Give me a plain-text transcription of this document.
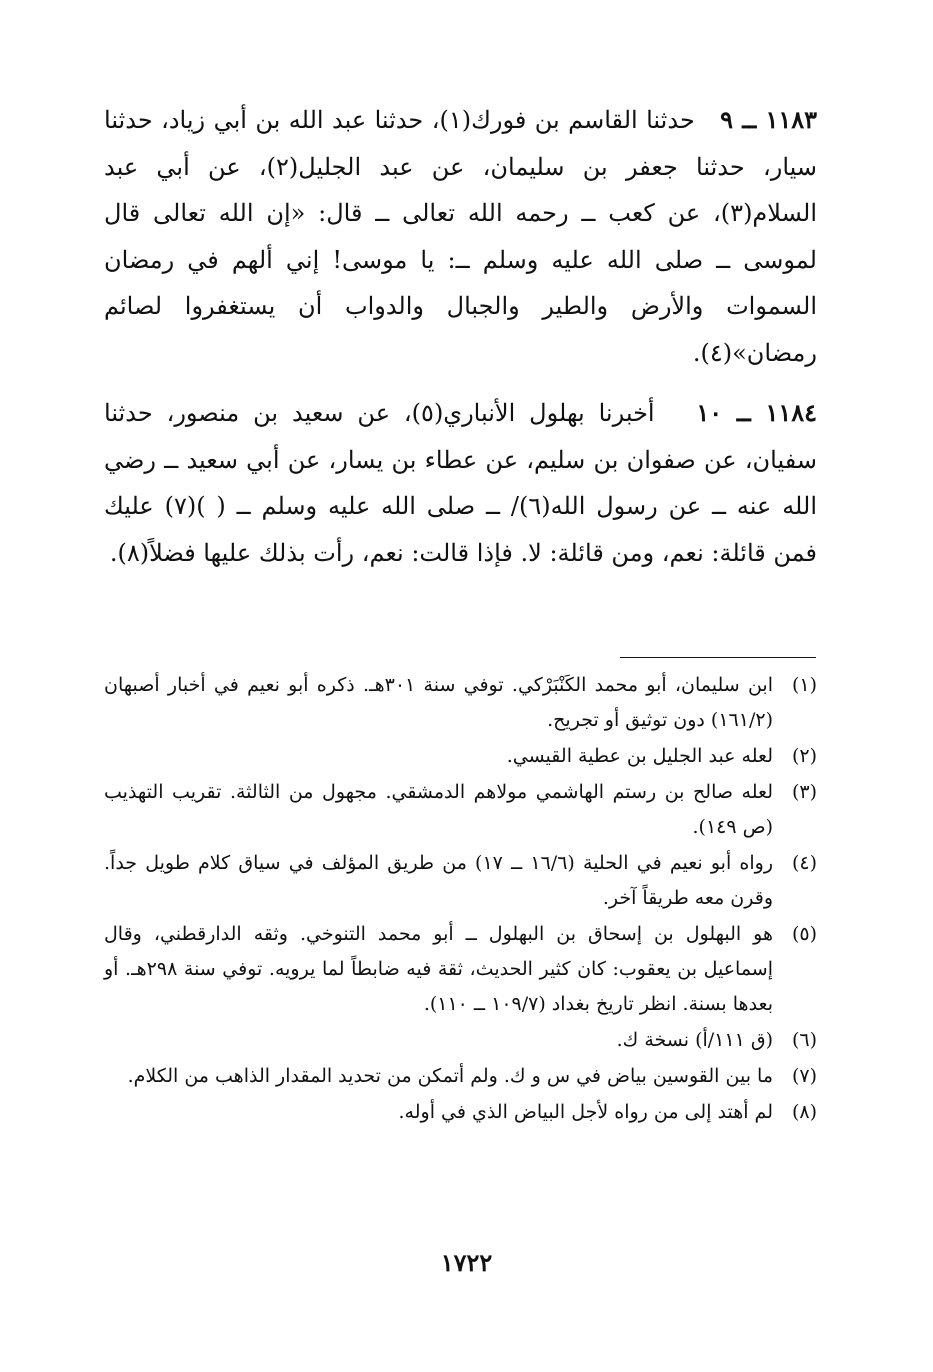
١١٨٣ ــ ٩   حدثنا القاسم بن فورك(١)، حدثنا عبد الله بن أبي زياد، حدثنا سيار، حدثنا جعفر بن سليمان، عن عبد الجليل(٢)، عن أبي عبد السلام(٣)، عن كعب ــ رحمه الله تعالى ــ قال: «إن الله تعالى قال لموسى ــ صلى الله عليه وسلم ــ: يا موسى! إني ألهم في رمضان السموات والأرض والطير والجبال والدواب أن يستغفروا لصائم رمضان»(٤).

١١٨٤ ــ ١٠   أخبرنا بهلول الأنباري(٥)، عن سعيد بن منصور، حدثنا سفيان، عن صفوان بن سليم، عن عطاء بن يسار، عن أبي سعيد ــ رضي الله عنه ــ عن رسول الله(٦)/ ــ صلى الله عليه وسلم ــ ( )(٧) عليك فمن قائلة: نعم، ومن قائلة: لا. فإذا قالت: نعم، رأت بذلك عليها فضلاً(٨).

(١)
ابن سليمان، أبو محمد الكَنْبَرْكي. توفي سنة ٣٠١هـ. ذكره أبو نعيم في أخبار أصبهان (١٦١/٢) دون توثيق أو تجريح.
(٢)
لعله عبد الجليل بن عطية القيسي.
(٣)
لعله صالح بن رستم الهاشمي مولاهم الدمشقي. مجهول من الثالثة. تقريب التهذيب (ص ١٤٩).
(٤)
رواه أبو نعيم في الحلية (١٦/٦ ــ ١٧) من طريق المؤلف في سياق كلام طويل جداً. وقرن معه طريقاً آخر.
(٥)
هو البهلول بن إسحاق بن البهلول ــ أبو محمد التنوخي. وثقه الدارقطني، وقال إسماعيل بن يعقوب: كان كثير الحديث، ثقة فيه ضابطاً لما يرويه. توفي سنة ٢٩٨هـ. أو بعدها بسنة. انظر تاريخ بغداد (١٠٩/٧ ــ ١١٠).
(٦)
(ق ١١١/أ) نسخة ك.
(٧)
ما بين القوسين بياض في س و ك. ولم أتمكن من تحديد المقدار الذاهب من الكلام.
(٨)
لم أهتد إلى من رواه لأجل البياض الذي في أوله.
١٧٢٢
